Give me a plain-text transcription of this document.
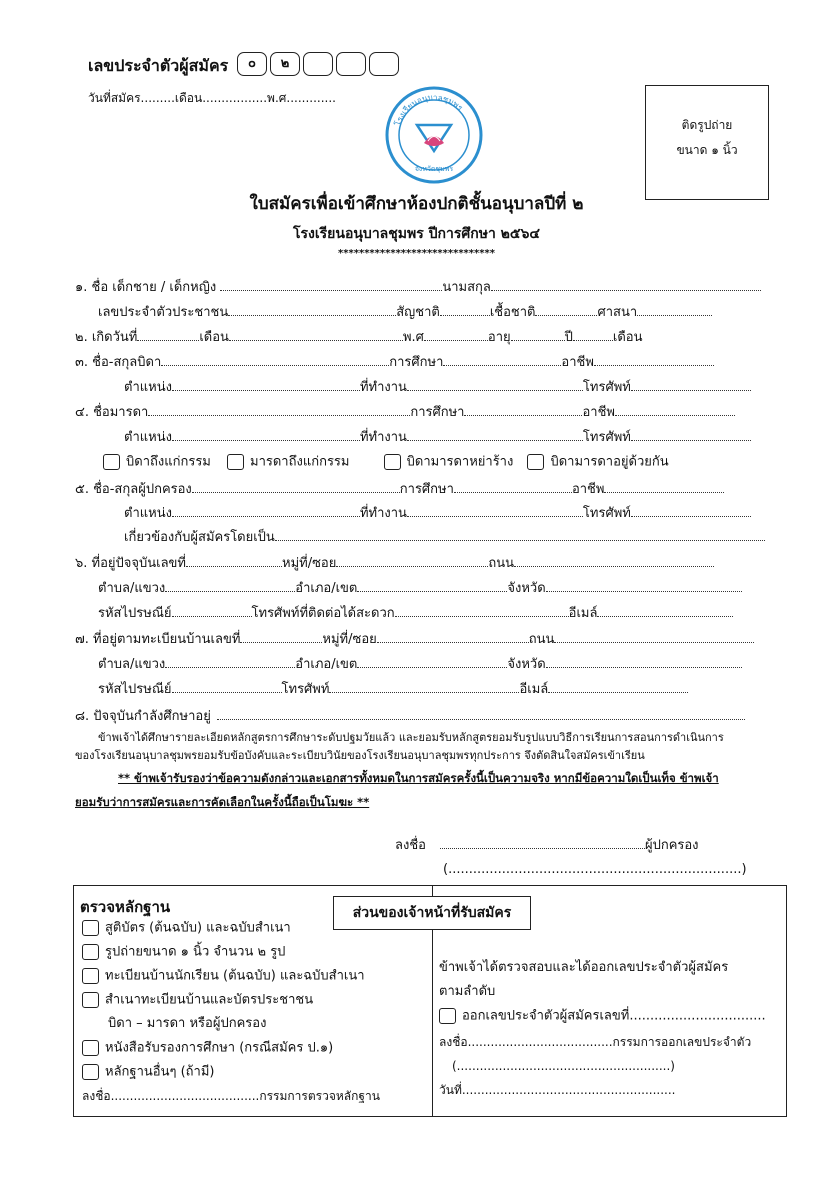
เลขประจำตัวผู้สมัคร	๐	๒
วันที่สมัคร.........เดือน.................พ.ศ.............
โรงเรียนอนุบาลชุมพร
จังหวัดชุมพร
ติดรูปถ่าย
ขนาด ๑ นิ้ว
ใบสมัครเพื่อเข้าศึกษาห้องปกติชั้นอนุบาลปีที่ ๒
โรงเรียนอนุบาลชุมพร ปีการศึกษา ๒๕๖๔
******************************
๑. ชื่อ เด็กชาย / เด็กหญิง	นามสกุล
เลขประจำตัวประชาชน	สัญชาติ	เชื้อชาติ	ศาสนา
๒. เกิดวันที่	เดือน	พ.ศ	อายุ	ปี	เดือน
๓. ชื่อ-สกุลบิดา	การศึกษา	อาชีพ
ตำแหน่ง	ที่ทำงาน	โทรศัพท์
๔. ชื่อมารดา	การศึกษา	อาชีพ
ตำแหน่ง	ที่ทำงาน	โทรศัพท์
บิดาถึงแก่กรรม	มารดาถึงแก่กรรม	บิดามารดาหย่าร้าง	บิดามารดาอยู่ด้วยกัน
๕. ชื่อ-สกุลผู้ปกครอง	การศึกษา	อาชีพ
ตำแหน่ง	ที่ทำงาน	โทรศัพท์
เกี่ยวข้องกับผู้สมัครโดยเป็น
๖. ที่อยู่ปัจจุบันเลขที่	หมู่ที่/ซอย	ถนน
ตำบล/แขวง	อำเภอ/เขต	จังหวัด
รหัสไปรษณีย์	โทรศัพท์ที่ติดต่อได้สะดวก	อีเมล์
๗. ที่อยู่ตามทะเบียนบ้านเลขที่	หมู่ที่/ซอย	ถนน
ตำบล/แขวง	อำเภอ/เขต	จังหวัด
รหัสไปรษณีย์	โทรศัพท์	อีเมล์
๘. ปัจจุบันกำลังศึกษาอยู่
ข้าพเจ้าได้ศึกษารายละเอียดหลักสูตรการศึกษาระดับปฐมวัยแล้ว และยอมรับหลักสูตรยอมรับรูปแบบวิธีการเรียนการสอนการดำเนินการ
ของโรงเรียนอนุบาลชุมพรยอมรับข้อบังคับและระเบียบวินัยของโรงเรียนอนุบาลชุมพรทุกประการ จึงตัดสินใจสมัครเข้าเรียน
** ข้าพเจ้ารับรองว่าข้อความดังกล่าวและเอกสารทั้งหมดในการสมัครครั้งนี้เป็นความจริง หากมีข้อความใดเป็นเท็จ ข้าพเจ้า
ยอมรับว่าการสมัครและการคัดเลือกในครั้งนี้ถือเป็นโมฆะ **
ลงชื่อ	ผู้ปกครอง
(.......................................................................)
ส่วนของเจ้าหน้าที่รับสมัคร
ตรวจหลักฐาน
สูติบัตร (ต้นฉบับ) และฉบับสำเนา
รูปถ่ายขนาด ๑ นิ้ว จำนวน ๒ รูป
ทะเบียนบ้านนักเรียน (ต้นฉบับ) และฉบับสำเนา
สำเนาทะเบียนบ้านและบัตรประชาชน
บิดา – มารดา หรือผู้ปกครอง
หนังสือรับรองการศึกษา (กรณีสมัคร ป.๑)
หลักฐานอื่นๆ (ถ้ามี)
ลงชื่อ.......................................กรรมการตรวจหลักฐาน
ข้าพเจ้าได้ตรวจสอบและได้ออกเลขประจำตัวผู้สมัคร
ตามลำดับ
ออกเลขประจำตัวผู้สมัครเลขที่.................................
ลงชื่อ......................................กรรมการออกเลขประจำตัว
(........................................................)
วันที่........................................................
